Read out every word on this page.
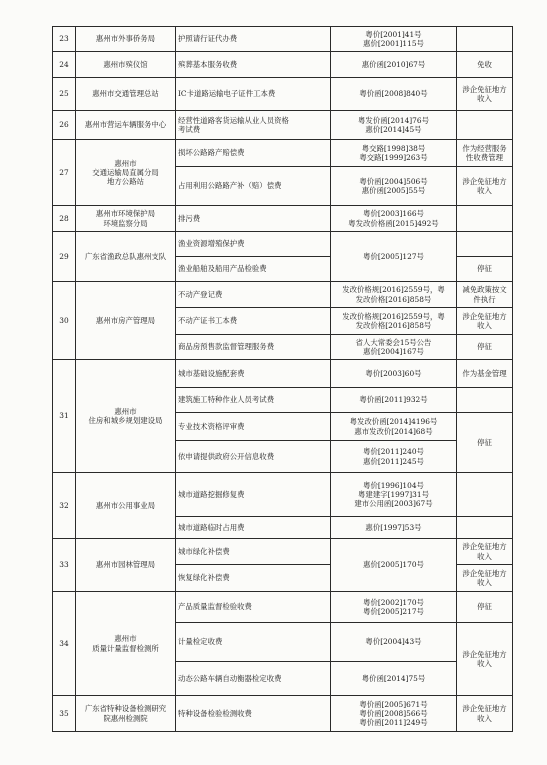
23	惠州市外事侨务局	护照请行证代办费	粤价[2001]41号
惠价[2001]115号	

24	惠州市殡仪馆	殡葬基本服务收费	惠价函[2010]67号	免收

25	惠州市交通管理总站	IC卡道路运输电子证件工本费	粤价函[2008]840号	涉企免征地方
收入

26	惠州市营运车辆服务中心	经营性道路客货运输从业人员资格
考试费	粤发价函[2014]76号
惠价[2014]45号	

27	惠州市
交通运输局直属分局
地方公路站	损坏公路路产赔偿费	粤交路[1998]38号
粤交路[1999]263号	作为经营服务
性收费管理

		占用利用公路路产补（赔）偿费	粤价函[2004]506号
惠价函[2005]55号	涉企免征地方
收入

28	惠州市环境保护局
环境监察分局	排污费	粤价[2003]166号
粤发改价格函[2015]492号	

29	广东省渔政总队惠州支队	渔业资源增殖保护费	粤价[2005]127号	

		渔业船舶及船用产品检验费		停征

30	惠州市房产管理局	不动产登记费	发改价格规[2016]2559号，粤
发改价格[2016]858号	减免政策按文
件执行

		不动产证书工本费	发改价格规[2016]2559号，粤
发改价格[2016]858号	涉企免征地方
收入

		商品房预售款监督管理服务费	省人大常委会15号公告
惠价[2004]167号	停征

31	惠州市
住房和城乡规划建设局	城市基础设施配套费	粤价[2003]60号	作为基金管理

		建筑施工特种作业人员考试费	粤价函[2011]932号	

		专业技术资格评审费	粤发改价函[2014]4196号
惠市发改价[2014]68号	停征

		依申请提供政府公开信息收费	粤价[2011]240号
惠价[2011]245号	

32	惠州市公用事业局	城市道路挖掘修复费	粤价[1996]104号
粤建建字[1997]31号
建市公用函[2003]67号	

		城市道路临时占用费	惠价[1997]53号	

33	惠州市园林管理局	城市绿化补偿费	惠价[2005]170号	涉企免征地方
收入

		恢复绿化补偿费		涉企免征地方
收入

34	惠州市
质量计量监督检测所	产品质量监督检验收费	粤价[2002]170号
粤价[2005]217号	停征

		计量检定收费	粤价[2004]43号	涉企免征地方
收入

		动态公路车辆自动衡器检定收费	粤价函[2014]75号	

35	广东省特种设备检测研究
院惠州检测院	特种设备检验检测收费	粤价函[2005]671号
粤价函[2008]566号
粤价函[2011]249号	涉企免征地方
收入
